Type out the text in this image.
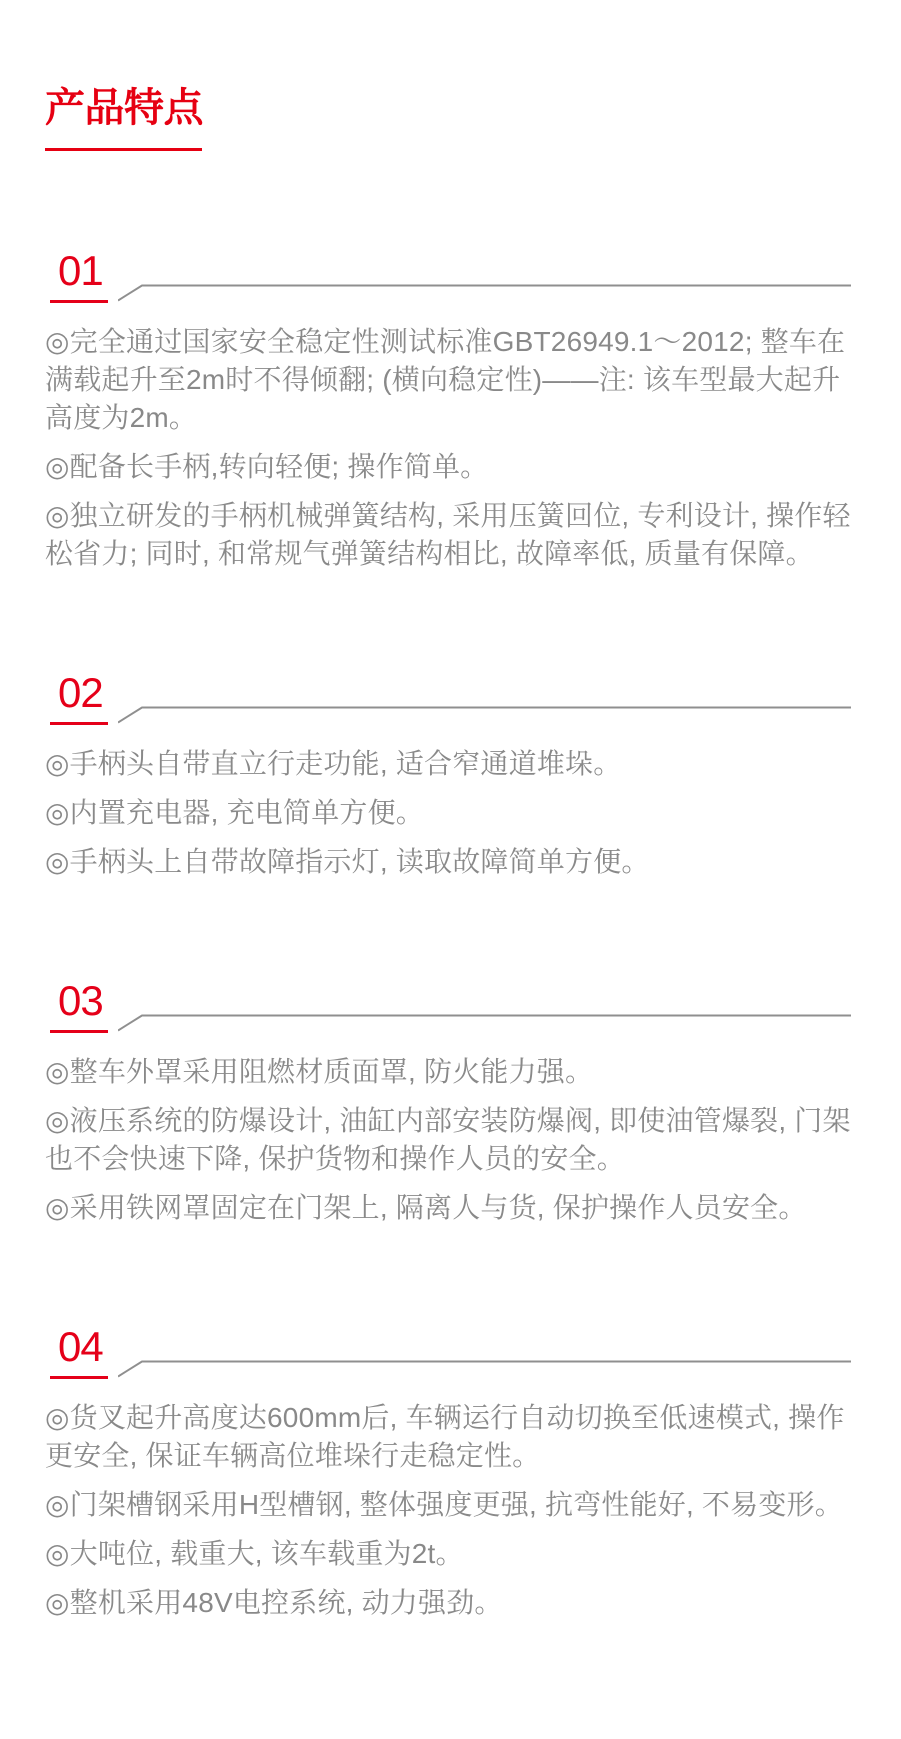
产品特点
01

◎完全通过国家安全稳定性测试标准GBT26949.1～2012; 整车在满载起升至2m时不得倾翻; (横向稳定性)——注: 该车型最大起升高度为2m。

◎配备长手柄,转向轻便; 操作简单。

◎独立研发的手柄机械弹簧结构, 采用压簧回位, 专利设计, 操作轻松省力; 同时, 和常规气弹簧结构相比, 故障率低, 质量有保障。

02

◎手柄头自带直立行走功能, 适合窄通道堆垛。

◎内置充电器, 充电简单方便。

◎手柄头上自带故障指示灯, 读取故障简单方便。

03

◎整车外罩采用阻燃材质面罩, 防火能力强。

◎液压系统的防爆设计, 油缸内部安装防爆阀, 即使油管爆裂, 门架也不会快速下降, 保护货物和操作人员的安全。

◎采用铁网罩固定在门架上, 隔离人与货, 保护操作人员安全。

04

◎货叉起升高度达600mm后, 车辆运行自动切换至低速模式, 操作更安全, 保证车辆高位堆垛行走稳定性。

◎门架槽钢采用H型槽钢, 整体强度更强, 抗弯性能好, 不易变形。

◎大吨位, 载重大, 该车载重为2t。

◎整机采用48V电控系统, 动力强劲。
